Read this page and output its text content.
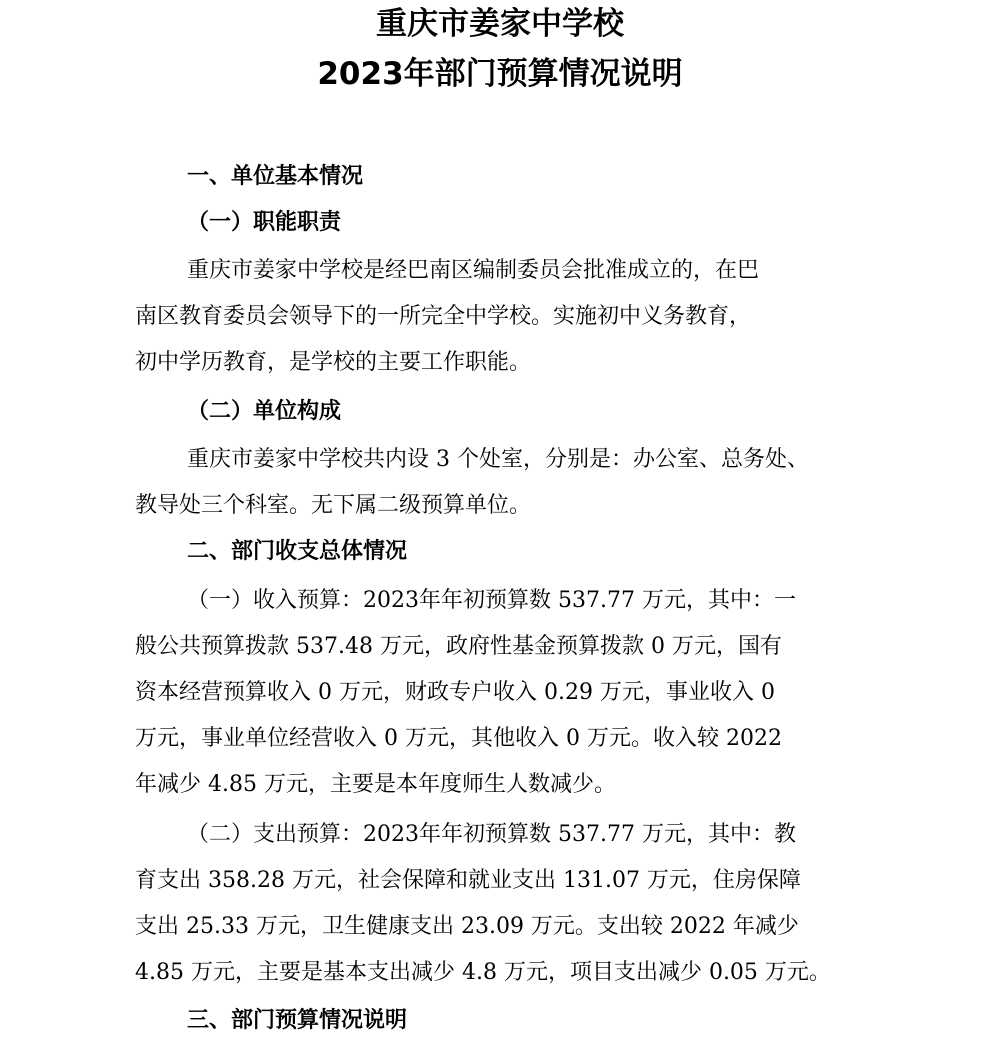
重庆市姜家中学校
2023年部门预算情况说明
一、单位基本情况
（一）职能职责
重庆市姜家中学校是经巴南区编制委员会批准成立的，在巴
南区教育委员会领导下的一所完全中学校。实施初中义务教育，
初中学历教育，是学校的主要工作职能。
（二）单位构成
重庆市姜家中学校共内设 3 个处室，分别是：办公室、总务处、
教导处三个科室。无下属二级预算单位。
二、部门收支总体情况
（一）收入预算：2023年年初预算数 537.77 万元，其中：一
般公共预算拨款 537.48 万元，政府性基金预算拨款 0 万元，国有
资本经营预算收入 0 万元，财政专户收入 0.29 万元，事业收入 0
万元，事业单位经营收入 0 万元，其他收入 0 万元。收入较 2022
年减少 4.85 万元，主要是本年度师生人数减少。
（二）支出预算：2023年年初预算数 537.77 万元，其中：教
育支出 358.28 万元，社会保障和就业支出 131.07 万元，住房保障
支出 25.33 万元，卫生健康支出 23.09 万元。支出较 2022 年减少
4.85 万元，主要是基本支出减少 4.8 万元，项目支出减少 0.05 万元。
三、部门预算情况说明
